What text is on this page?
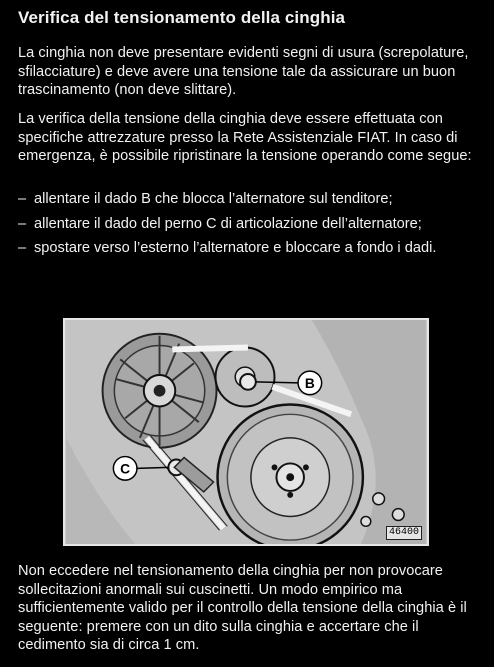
Verifica del tensionamento della cinghia

La cinghia non deve presentare evidenti segni di usura (screpolature, sfilacciature) e deve avere una tensione tale da assicurare un buon trascinamento (non deve slittare).

La verifica della tensione della cinghia deve essere effettuata con specifiche attrezzature presso la Rete Assistenziale FIAT. In caso di emergenza, è possibile ripristinare la tensione operando come segue:

– allentare il dado B che blocca l’alternatore sul tenditore;
– allentare il dado del perno C di articolazione dell’alternatore;
– spostare verso l’esterno l’alternatore e bloccare a fondo i dadi.
B
C
46400

Non eccedere nel tensionamento della cinghia per non provocare sollecitazioni anormali sui cuscinetti. Un modo empirico ma sufficientemente valido per il controllo della tensione della cinghia è il seguente: premere con un dito sulla cinghia e accertare che il cedimento sia di circa 1 cm.
